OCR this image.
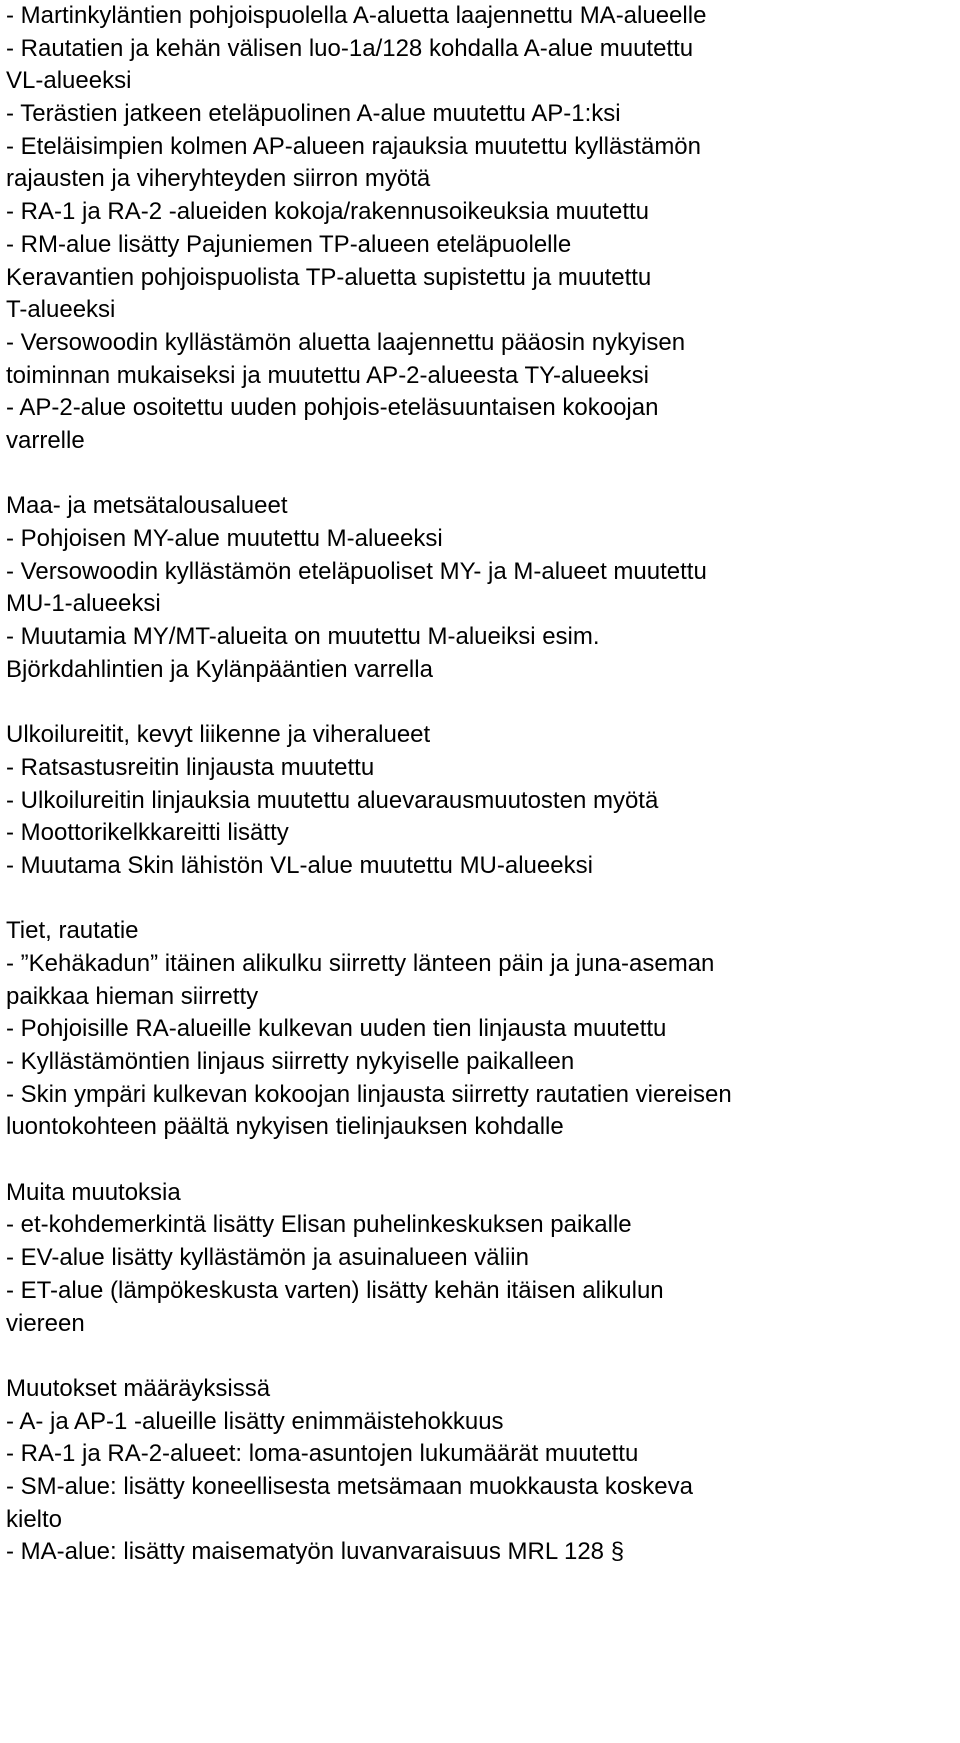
- Martinkyläntien pohjoispuolella A-aluetta laajennettu MA-alueelle
- Rautatien ja kehän välisen luo-1a/128 kohdalla A-alue muutettu
VL-alueeksi
- Terästien jatkeen eteläpuolinen A-alue muutettu AP-1:ksi
- Eteläisimpien kolmen AP-alueen rajauksia muutettu kyllästämön
rajausten ja viheryhteyden siirron myötä
- RA-1 ja RA-2 -alueiden kokoja/rakennusoikeuksia muutettu
- RM-alue lisätty Pajuniemen TP-alueen eteläpuolelle
Keravantien pohjoispuolista TP-aluetta supistettu ja muutettu
T-alueeksi
- Versowoodin kyllästämön aluetta laajennettu pääosin nykyisen
toiminnan mukaiseksi ja muutettu AP-2-alueesta TY-alueeksi
- AP-2-alue osoitettu uuden pohjois-eteläsuuntaisen kokoojan
varrelle
Maa- ja metsätalousalueet
- Pohjoisen MY-alue muutettu M-alueeksi
- Versowoodin kyllästämön eteläpuoliset MY- ja M-alueet muutettu
MU-1-alueeksi
- Muutamia MY/MT-alueita on muutettu M-alueiksi esim.
Björkdahlintien ja Kylänpääntien varrella
Ulkoilureitit, kevyt liikenne ja viheralueet
- Ratsastusreitin linjausta muutettu
- Ulkoilureitin linjauksia muutettu aluevarausmuutosten myötä
- Moottorikelkkareitti lisätty
- Muutama Skin lähistön VL-alue muutettu MU-alueeksi
Tiet, rautatie
- ”Kehäkadun” itäinen alikulku siirretty länteen päin ja juna-aseman
paikkaa hieman siirretty
- Pohjoisille RA-alueille kulkevan uuden tien linjausta muutettu
- Kyllästämöntien linjaus siirretty nykyiselle paikalleen
- Skin ympäri kulkevan kokoojan linjausta siirretty rautatien viereisen
luontokohteen päältä nykyisen tielinjauksen kohdalle
Muita muutoksia
- et-kohdemerkintä lisätty Elisan puhelinkeskuksen paikalle
- EV-alue lisätty kyllästämön ja asuinalueen väliin
- ET-alue (lämpökeskusta varten) lisätty kehän itäisen alikulun
viereen
Muutokset määräyksissä
- A- ja AP-1 -alueille lisätty enimmäistehokkuus
- RA-1 ja RA-2-alueet: loma-asuntojen lukumäärät muutettu
- SM-alue: lisätty koneellisesta metsämaan muokkausta koskeva
kielto
- MA-alue: lisätty maisematyön luvanvaraisuus MRL 128 §
